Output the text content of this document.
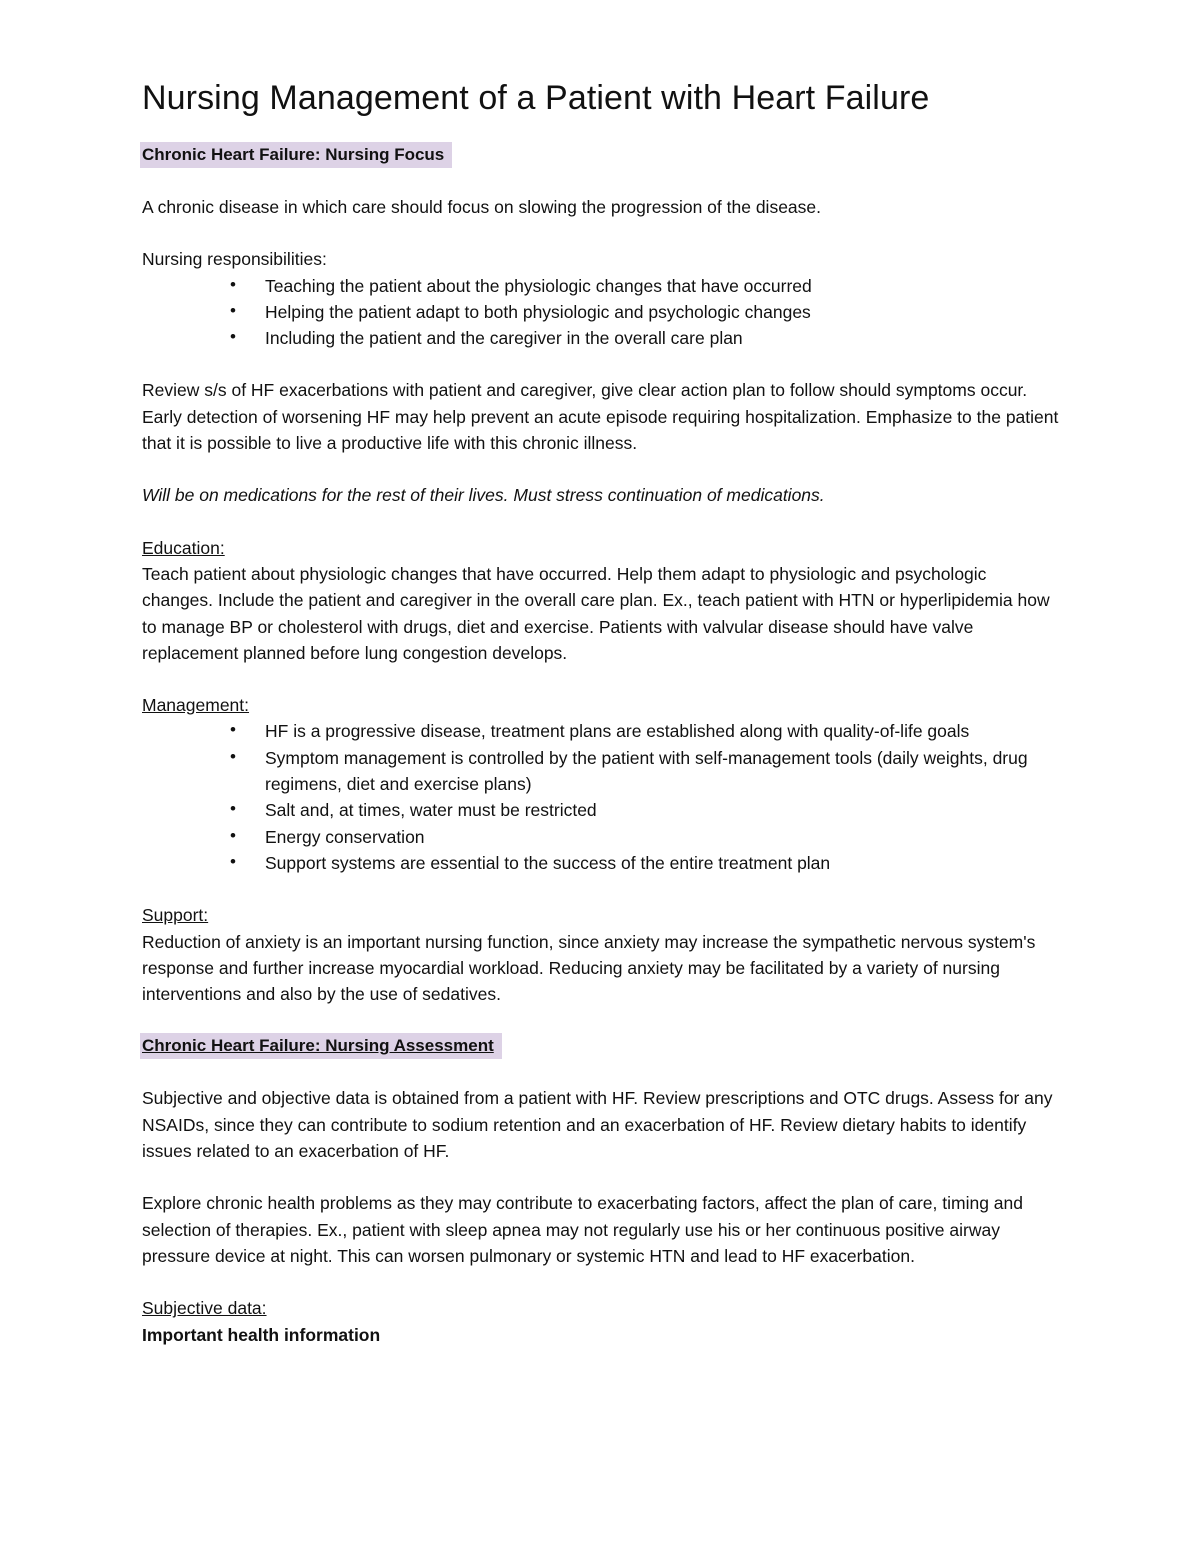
Nursing Management of a Patient with Heart Failure
Chronic Heart Failure: Nursing Focus

A chronic disease in which care should focus on slowing the progression of the disease.

Nursing responsibilities:

• Teaching the patient about the physiologic changes that have occurred
• Helping the patient adapt to both physiologic and psychologic changes
• Including the patient and the caregiver in the overall care plan

Review s/s of HF exacerbations with patient and caregiver, give clear action plan to follow should symptoms occur. Early detection of worsening HF may help prevent an acute episode requiring hospitalization. Emphasize to the patient that it is possible to live a productive life with this chronic illness.

Will be on medications for the rest of their lives. Must stress continuation of medications.

Education:

Teach patient about physiologic changes that have occurred. Help them adapt to physiologic and psychologic changes. Include the patient and caregiver in the overall care plan. Ex., teach patient with HTN or hyperlipidemia how to manage BP or cholesterol with drugs, diet and exercise. Patients with valvular disease should have valve replacement planned before lung congestion develops.

Management:

• HF is a progressive disease, treatment plans are established along with quality-of-life goals
• Symptom management is controlled by the patient with self-management tools (daily weights, drug regimens, diet and exercise plans)
• Salt and, at times, water must be restricted
• Energy conservation
• Support systems are essential to the success of the entire treatment plan

Support:

Reduction of anxiety is an important nursing function, since anxiety may increase the sympathetic nervous system's response and further increase myocardial workload. Reducing anxiety may be facilitated by a variety of nursing interventions and also by the use of sedatives.

Chronic Heart Failure: Nursing Assessment

Subjective and objective data is obtained from a patient with HF. Review prescriptions and OTC drugs. Assess for any NSAIDs, since they can contribute to sodium retention and an exacerbation of HF. Review dietary habits to identify issues related to an exacerbation of HF.

Explore chronic health problems as they may contribute to exacerbating factors, affect the plan of care, timing and selection of therapies. Ex., patient with sleep apnea may not regularly use his or her continuous positive airway pressure device at night. This can worsen pulmonary or systemic HTN and lead to HF exacerbation.

Subjective data:

Important health information
